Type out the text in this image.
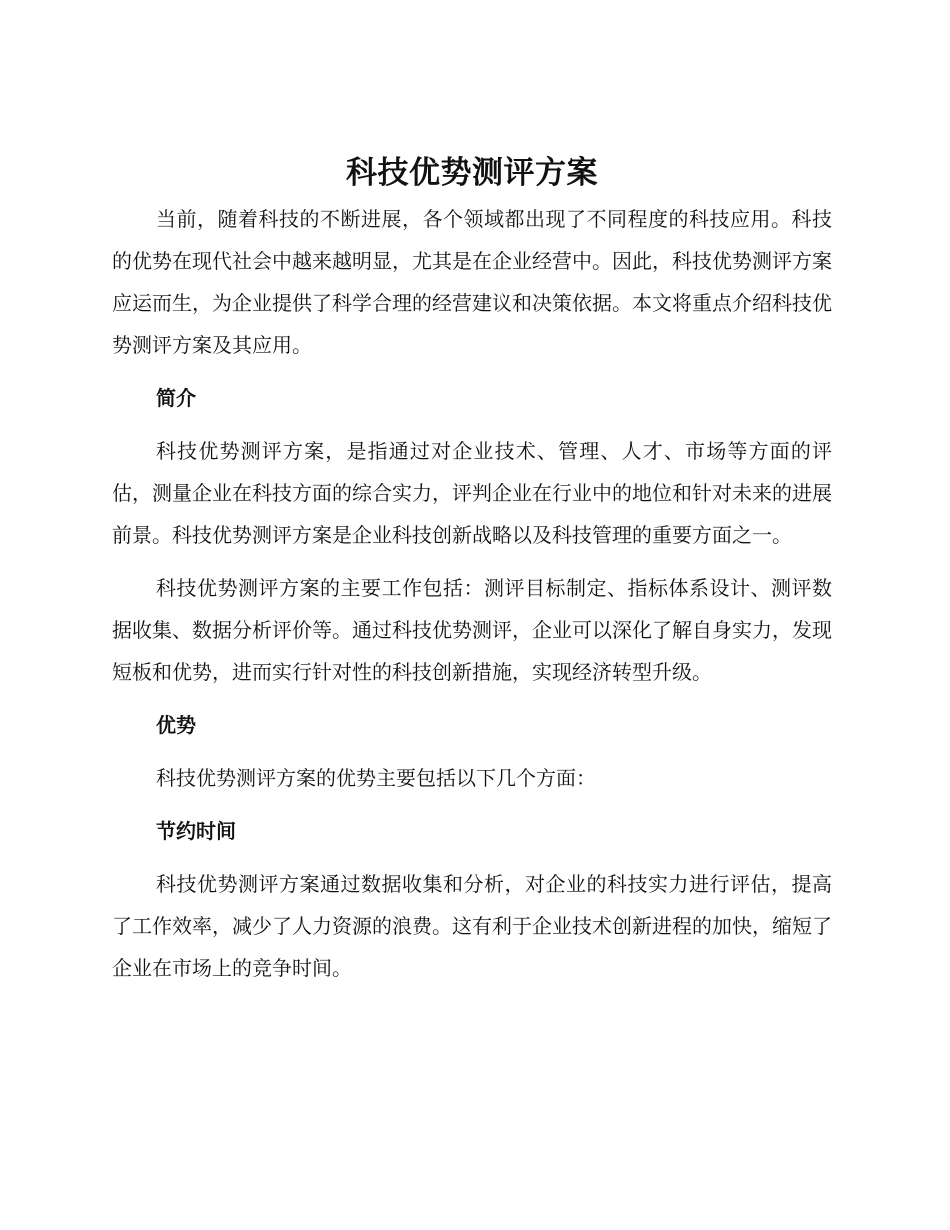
科技优势测评方案

当前，随着科技的不断进展，各个领域都出现了不同程度的科技应用。科技的优势在现代社会中越来越明显，尤其是在企业经营中。因此，科技优势测评方案应运而生，为企业提供了科学合理的经营建议和决策依据。本文将重点介绍科技优势测评方案及其应用。

简介

科技优势测评方案，是指通过对企业技术、管理、人才、市场等方面的评估，测量企业在科技方面的综合实力，评判企业在行业中的地位和针对未来的进展前景。科技优势测评方案是企业科技创新战略以及科技管理的重要方面之一。

科技优势测评方案的主要工作包括：测评目标制定、指标体系设计、测评数据收集、数据分析评价等。通过科技优势测评，企业可以深化了解自身实力，发现短板和优势，进而实行针对性的科技创新措施，实现经济转型升级。

优势

科技优势测评方案的优势主要包括以下几个方面：

节约时间

科技优势测评方案通过数据收集和分析，对企业的科技实力进行评估，提高了工作效率，减少了人力资源的浪费。这有利于企业技术创新进程的加快，缩短了企业在市场上的竞争时间。
